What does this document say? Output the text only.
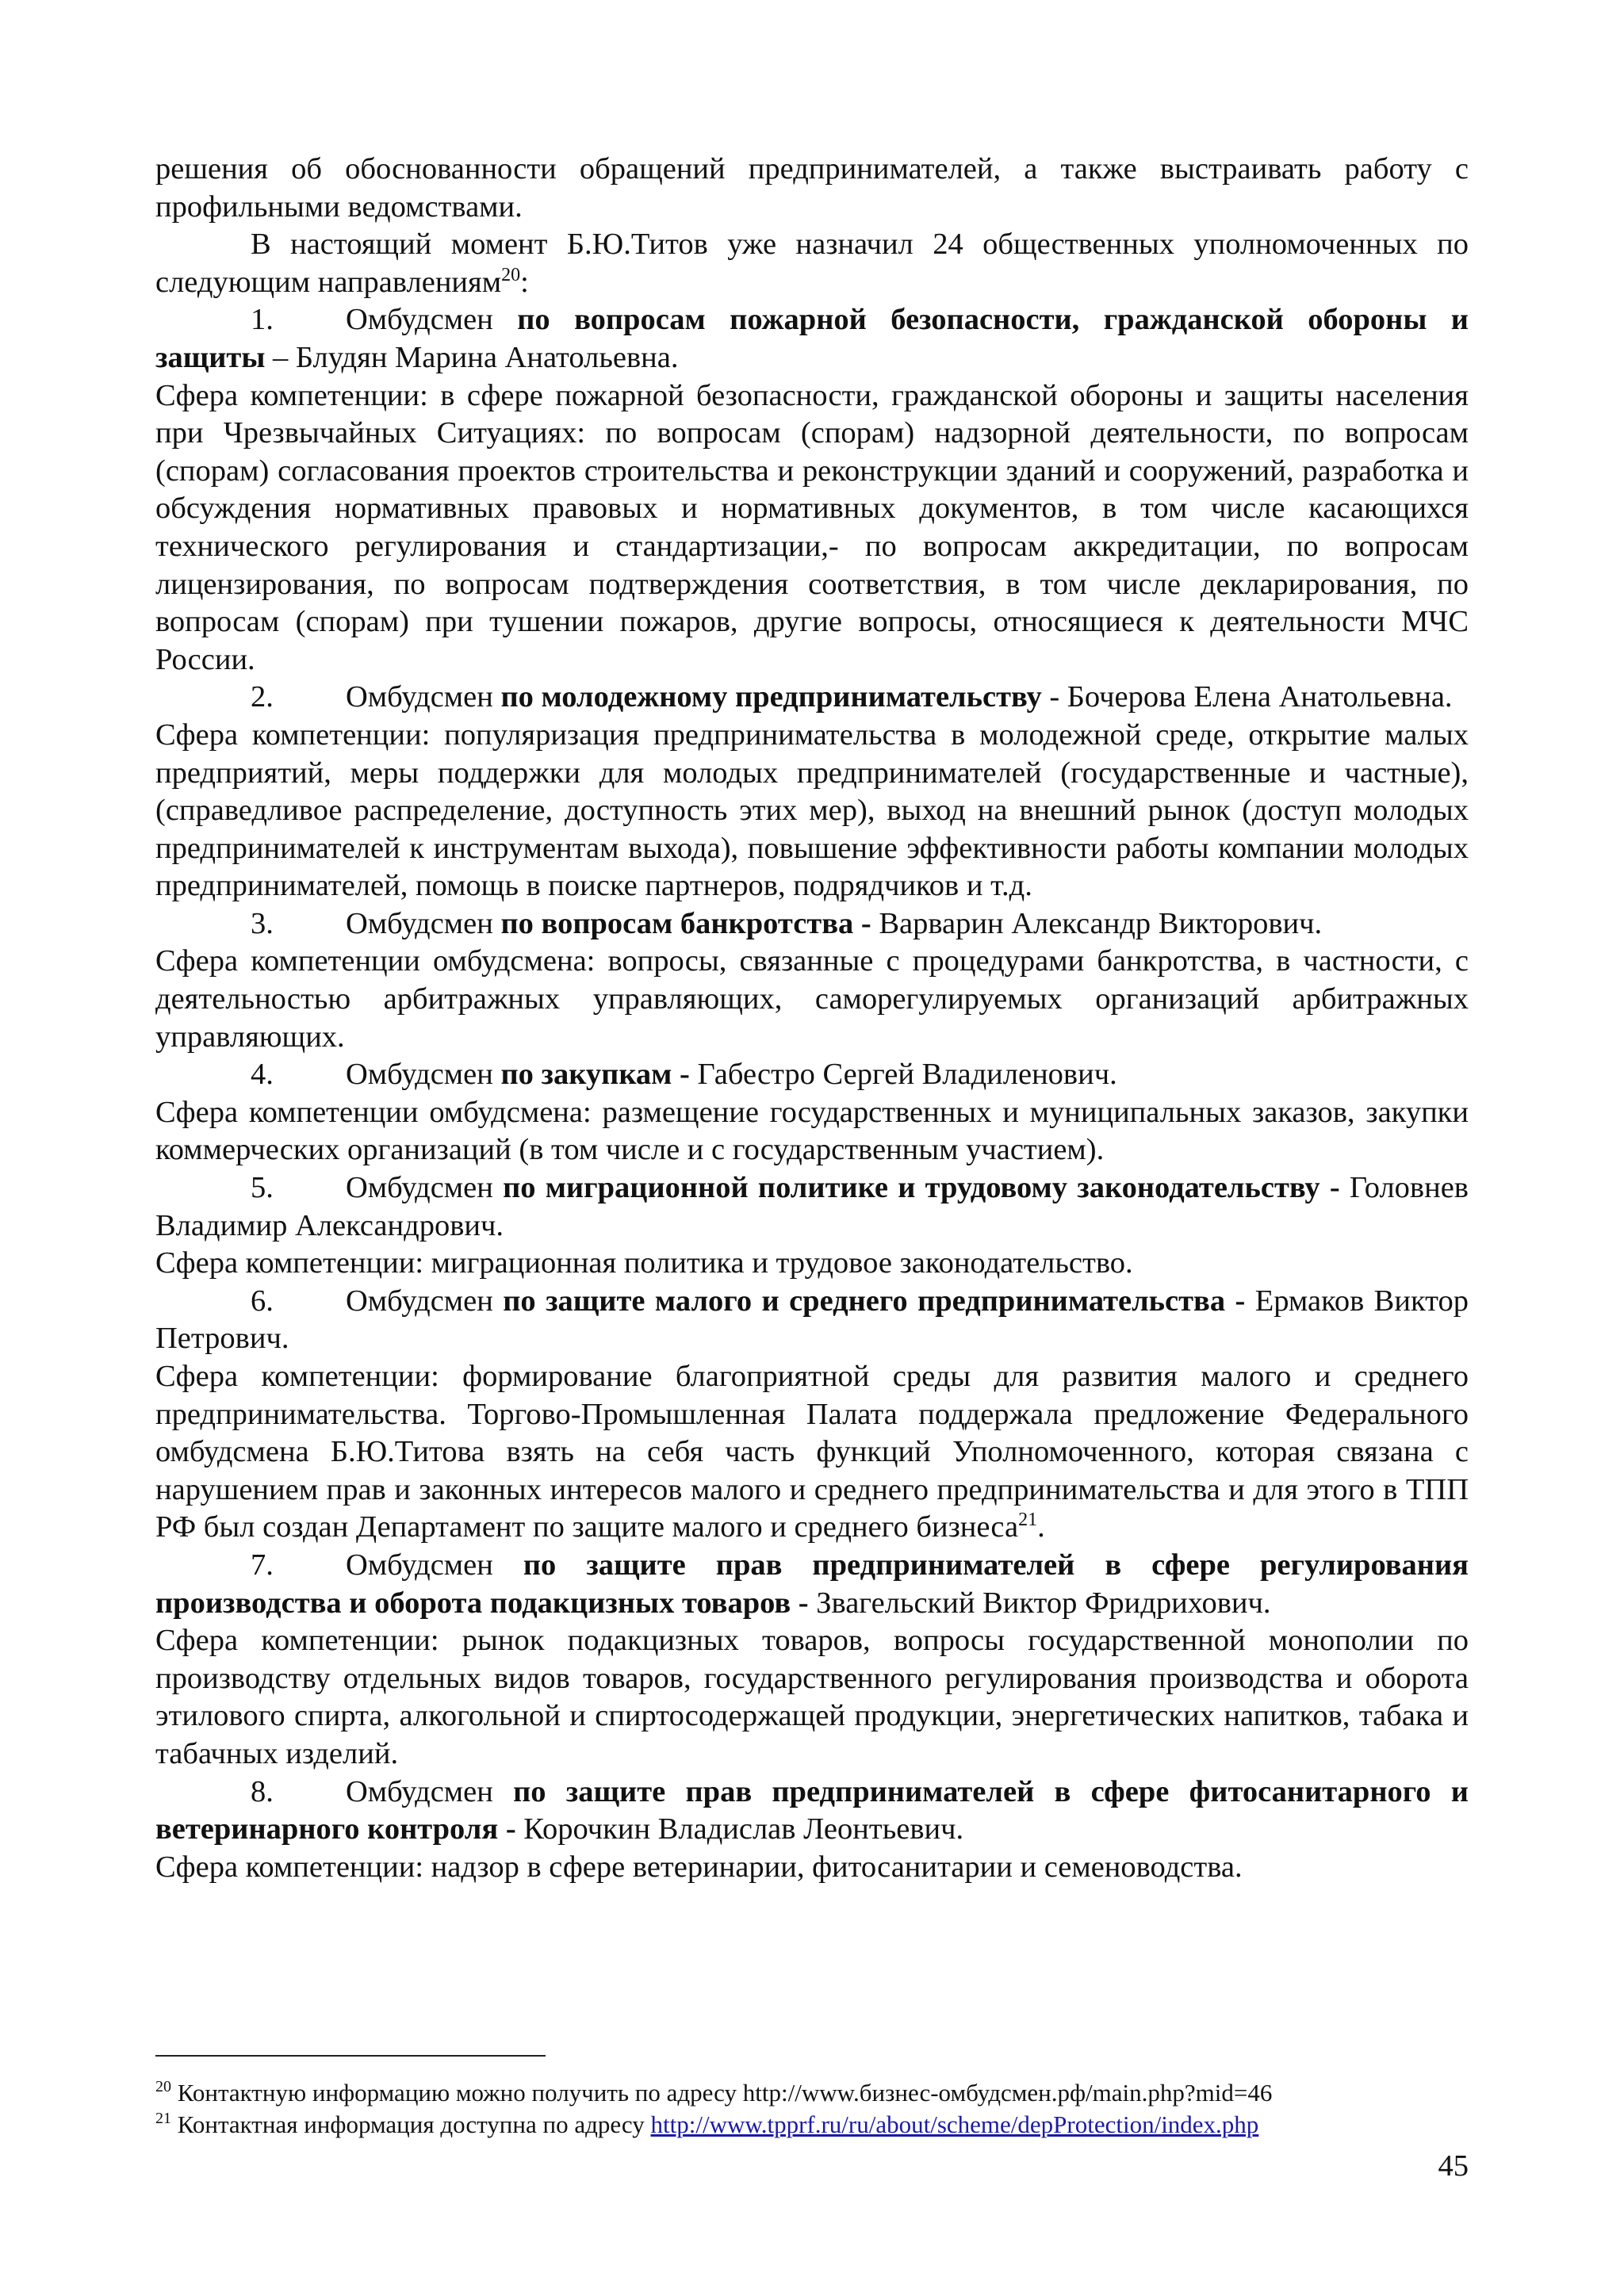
решения об обоснованности обращений предпринимателей, а также выстраивать работу с профильными ведомствами.

В настоящий момент Б.Ю.Титов уже назначил 24 общественных уполномоченных по следующим направлениям$^{20}$:

1. Омбудсмен по вопросам пожарной безопасности, гражданской обороны и защиты – Блудян Марина Анатольевна.

Сфера компетенции: в сфере пожарной безопасности, гражданской обороны и защиты населения при Чрезвычайных Ситуациях: по вопросам (спорам) надзорной деятельности, по вопросам (спорам) согласования проектов строительства и реконструкции зданий и сооружений, разработка и обсуждения нормативных правовых и нормативных документов, в том числе касающихся технического регулирования и стандартизации,- по вопросам аккредитации, по вопросам лицензирования, по вопросам подтверждения соответствия, в том числе декларирования, по вопросам (спорам) при тушении пожаров, другие вопросы, относящиеся к деятельности МЧС России.

2. Омбудсмен по молодежному предпринимательству - Бочерова Елена Анатольевна.

Сфера компетенции: популяризация предпринимательства в молодежной среде, открытие малых предприятий, меры поддержки для молодых предпринимателей (государственные и частные), (справедливое распределение, доступность этих мер), выход на внешний рынок (доступ молодых предпринимателей к инструментам выхода), повышение эффективности работы компании молодых предпринимателей, помощь в поиске партнеров, подрядчиков и т.д.

3. Омбудсмен по вопросам банкротства - Варварин Александр Викторович.

Сфера компетенции омбудсмена: вопросы, связанные с процедурами банкротства, в частности, с деятельностью арбитражных управляющих, саморегулируемых организаций арбитражных управляющих.

4. Омбудсмен по закупкам - Габестро Сергей Владиленович.

Сфера компетенции омбудсмена: размещение государственных и муниципальных заказов, закупки коммерческих организаций (в том числе и с государственным участием).

5. Омбудсмен по миграционной политике и трудовому законодательству - Головнев Владимир Александрович.

Сфера компетенции: миграционная политика и трудовое законодательство.

6. Омбудсмен по защите малого и среднего предпринимательства - Ермаков Виктор Петрович.

Сфера компетенции: формирование благоприятной среды для развития малого и среднего предпринимательства. Торгово-Промышленная Палата поддержала предложение Федерального омбудсмена Б.Ю.Титова взять на себя часть функций Уполномоченного, которая связана с нарушением прав и законных интересов малого и среднего предпринимательства и для этого в ТПП РФ был создан Департамент по защите малого и среднего бизнеса$^{21}$.

7. Омбудсмен по защите прав предпринимателей в сфере регулирования производства и оборота подакцизных товаров - Звагельский Виктор Фридрихович.

Сфера компетенции: рынок подакцизных товаров, вопросы государственной монополии по производству отдельных видов товаров, государственного регулирования производства и оборота этилового спирта, алкогольной и спиртосодержащей продукции, энергетических напитков, табака и табачных изделий.

8. Омбудсмен по защите прав предпринимателей в сфере фитосанитарного и ветеринарного контроля - Корочкин Владислав Леонтьевич.

Сфера компетенции: надзор в сфере ветеринарии, фитосанитарии и семеноводства.

$^{20}$ Контактную информацию можно получить по адресу http://www.бизнес-омбудсмен.рф/main.php?mid=46

$^{21}$ Контактная информация доступна по адресу http://www.tpprf.ru/ru/about/scheme/depProtection/index.php

45
